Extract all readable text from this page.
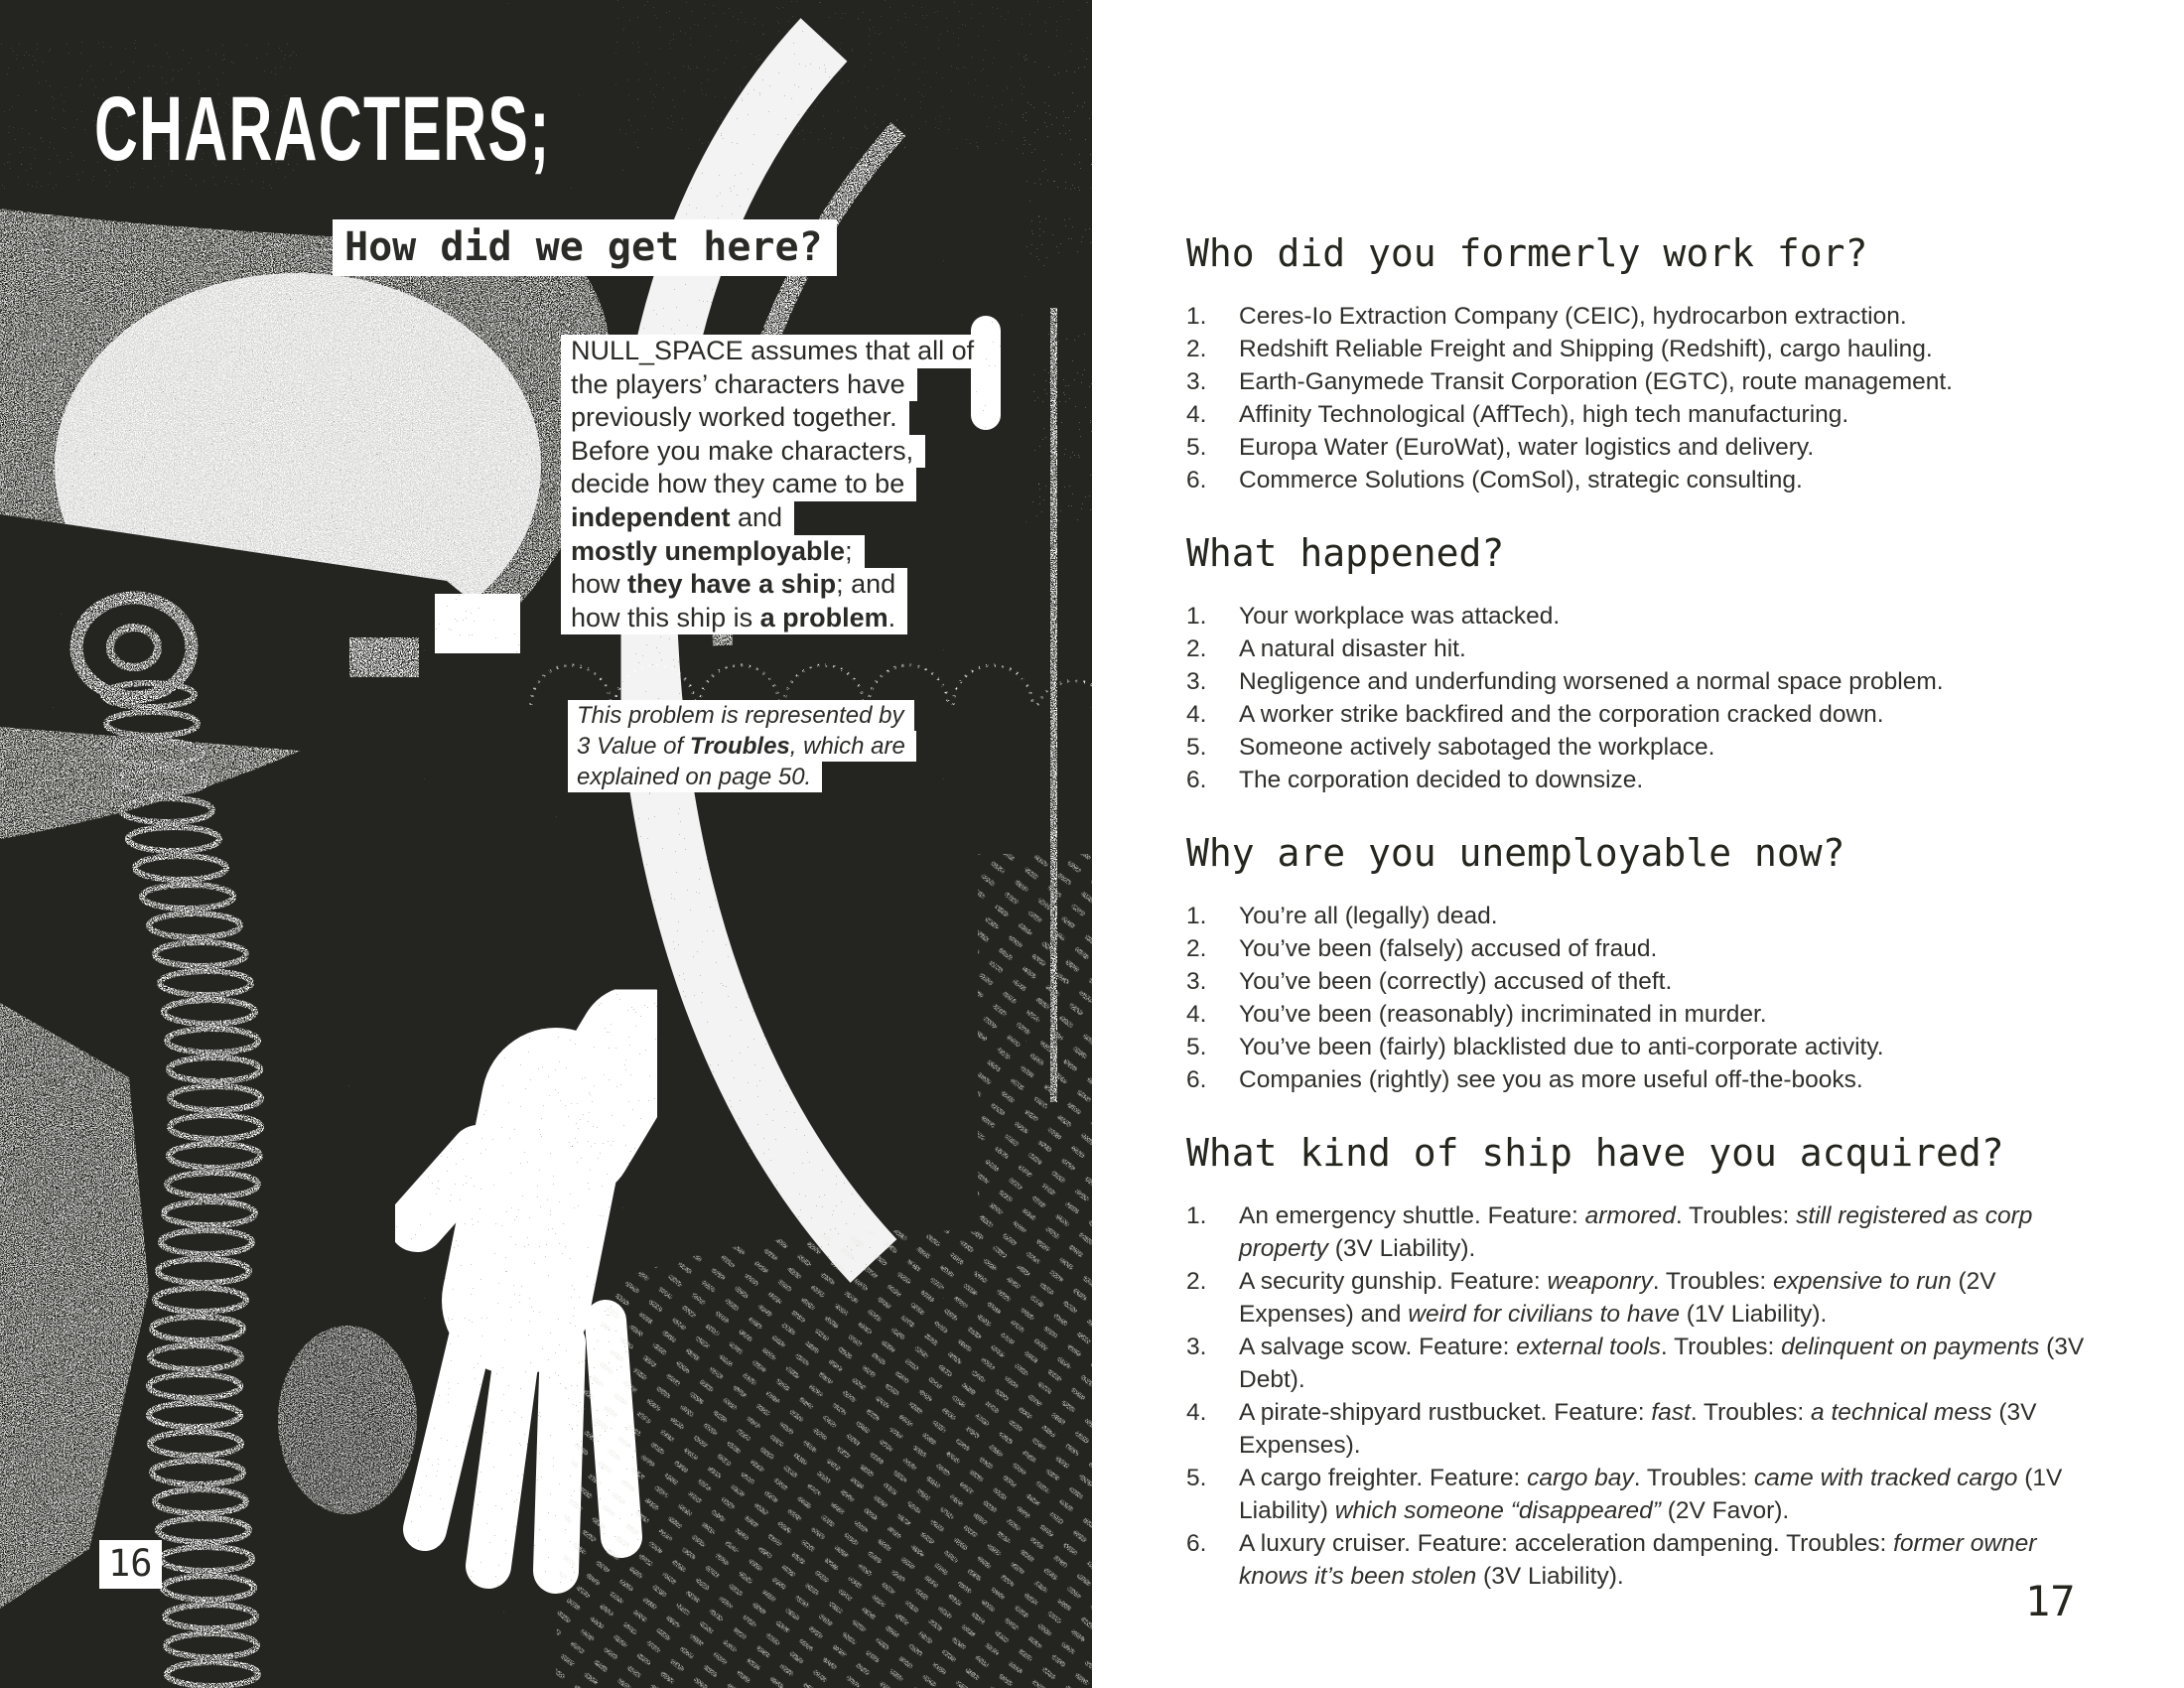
CHARACTERS;
How did we get here?
NULL_SPACE assumes that all of
the players’ characters have
previously worked together.
Before you make characters,
decide how they came to be
independent and
mostly unemployable;
how they have a ship; and
how this ship is a problem.
This problem is represented by
3 Value of Troubles, which are
explained on page 50.
16
Who did you formerly work for?
Ceres-Io Extraction Company (CEIC), hydrocarbon extraction.
Redshift Reliable Freight and Shipping (Redshift), cargo hauling.
Earth-Ganymede Transit Corporation (EGTC), route management.
Affinity Technological (AffTech), high tech manufacturing.
Europa Water (EuroWat), water logistics and delivery.
Commerce Solutions (ComSol), strategic consulting.
What happened?
Your workplace was attacked.
A natural disaster hit.
Negligence and underfunding worsened a normal space problem.
A worker strike backfired and the corporation cracked down.
Someone actively sabotaged the workplace.
The corporation decided to downsize.
Why are you unemployable now?
You’re all (legally) dead.
You’ve been (falsely) accused of fraud.
You’ve been (correctly) accused of theft.
You’ve been (reasonably) incriminated in murder.
You’ve been (fairly) blacklisted due to anti-corporate activity.
Companies (rightly) see you as more useful off-the-books.
What kind of ship have you acquired?
An emergency shuttle. Feature: armored. Troubles: still registered as corp property (3V Liability).
A security gunship. Feature: weaponry. Troubles: expensive to run (2V Expenses) and weird for civilians to have (1V Liability).
A salvage scow. Feature: external tools. Troubles: delinquent on payments (3V Debt).
A pirate-shipyard rustbucket. Feature: fast. Troubles: a technical mess (3V Expenses).
A cargo freighter. Feature: cargo bay. Troubles: came with tracked cargo (1V Liability) which someone “disappeared” (2V Favor).
A luxury cruiser. Feature: acceleration dampening. Troubles: former owner knows it’s been stolen (3V Liability).
17
